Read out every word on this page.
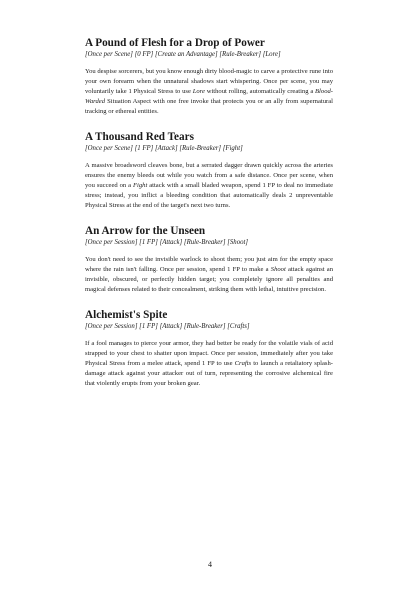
A Pound of Flesh for a Drop of Power

[Once per Scene] [0 FP] [Create an Advantage] [Rule-Breaker] [Lore]

You despise sorcerers, but you know enough dirty blood-magic to carve a protective rune into your own forearm when the unnatural shadows start whispering. Once per scene, you may voluntarily take 1 Physical Stress to use Lore without rolling, automatically creating a Blood-Warded Situation Aspect with one free invoke that protects you or an ally from supernatural tracking or ethereal entities.

A Thousand Red Tears

[Once per Scene] [1 FP] [Attack] [Rule-Breaker] [Fight]

A massive broadsword cleaves bone, but a serrated dagger drawn quickly across the arteries ensures the enemy bleeds out while you watch from a safe distance. Once per scene, when you succeed on a Fight attack with a small bladed weapon, spend 1 FP to deal no immediate stress; instead, you inflict a bleeding condition that automatically deals 2 unpreventable Physical Stress at the end of the target's next two turns.

An Arrow for the Unseen

[Once per Session] [1 FP] [Attack] [Rule-Breaker] [Shoot]

You don't need to see the invisible warlock to shoot them; you just aim for the empty space where the rain isn't falling. Once per session, spend 1 FP to make a Shoot attack against an invisible, obscured, or perfectly hidden target; you completely ignore all penalties and magical defenses related to their concealment, striking them with lethal, intuitive precision.

Alchemist's Spite

[Once per Session] [1 FP] [Attack] [Rule-Breaker] [Crafts]

If a fool manages to pierce your armor, they had better be ready for the volatile vials of acid strapped to your chest to shatter upon impact. Once per session, immediately after you take Physical Stress from a melee attack, spend 1 FP to use Crafts to launch a retaliatory splash-damage attack against your attacker out of turn, representing the corrosive alchemical fire that violently erupts from your broken gear.

4
